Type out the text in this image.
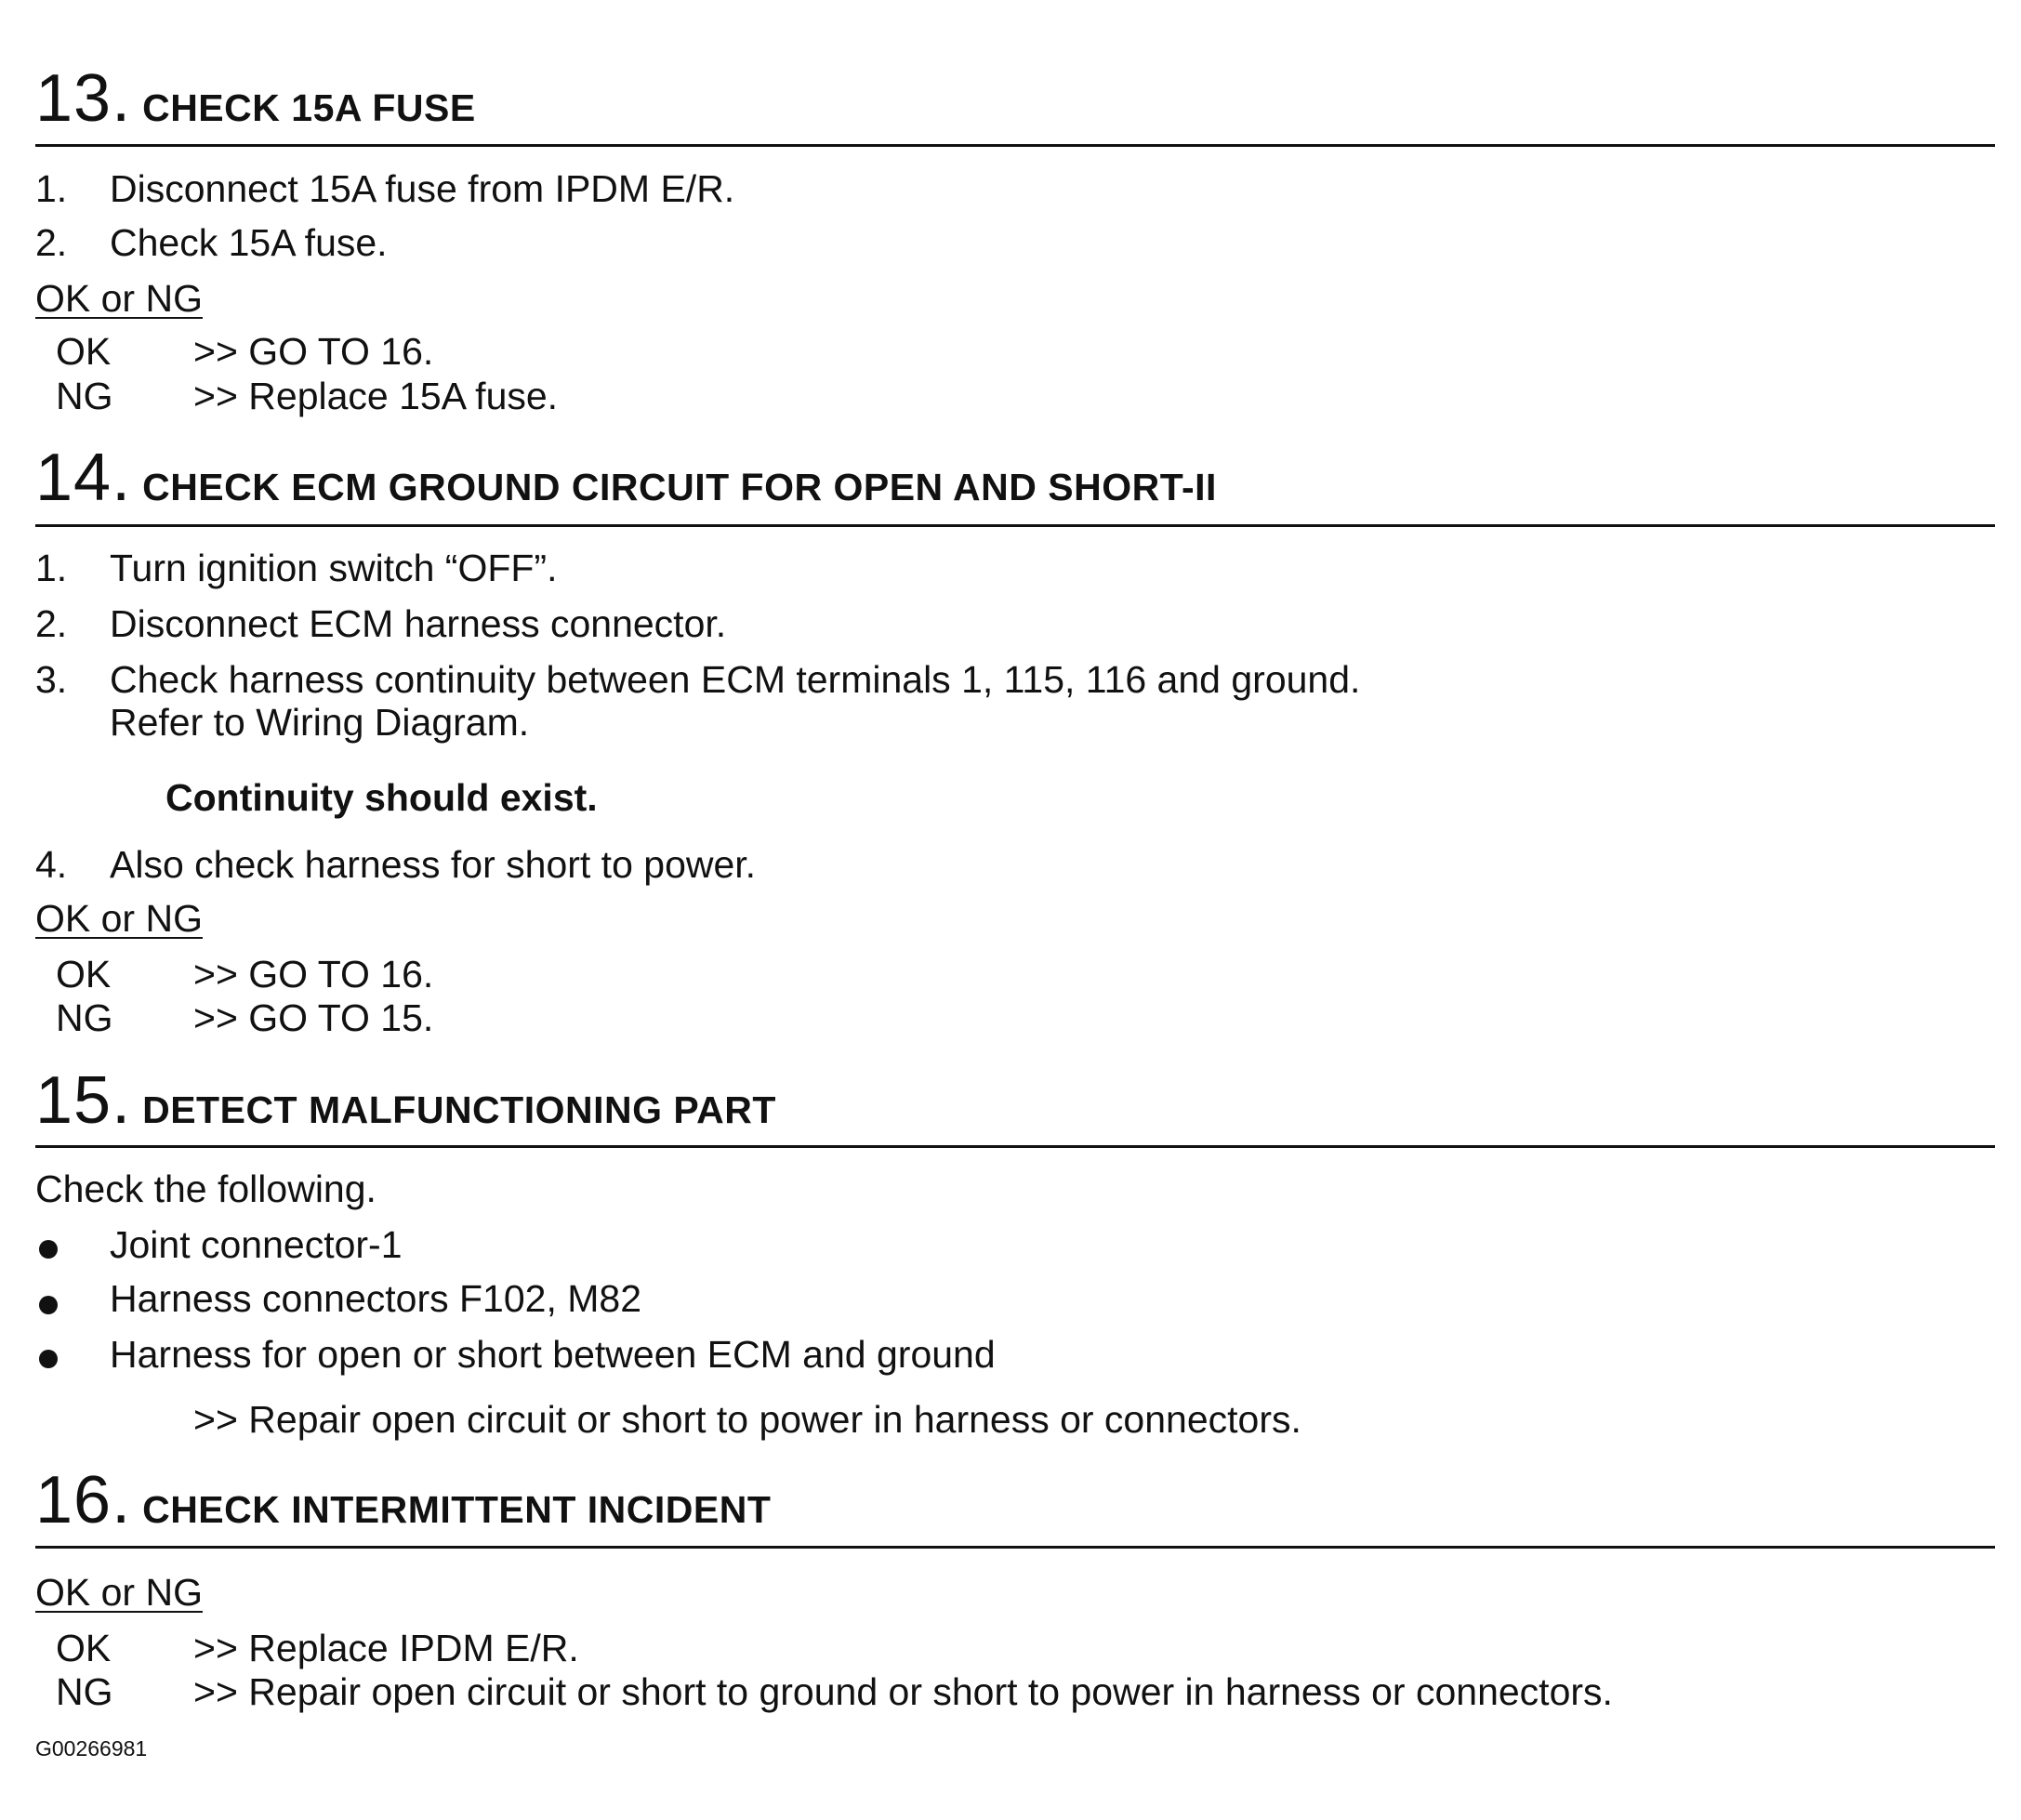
13. CHECK 15A FUSE
1. Disconnect 15A fuse from IPDM E/R.
2. Check 15A fuse.
OK or NG
OK >> GO TO 16.
NG >> Replace 15A fuse.
14. CHECK ECM GROUND CIRCUIT FOR OPEN AND SHORT-II
1. Turn ignition switch “OFF”.
2. Disconnect ECM harness connector.
3. Check harness continuity between ECM terminals 1, 115, 116 and ground.
Refer to Wiring Diagram.
Continuity should exist.
4. Also check harness for short to power.
OK or NG
OK >> GO TO 16.
NG >> GO TO 15.
15. DETECT MALFUNCTIONING PART
Check the following.
Joint connector-1
Harness connectors F102, M82
Harness for open or short between ECM and ground
>> Repair open circuit or short to power in harness or connectors.
16. CHECK INTERMITTENT INCIDENT
OK or NG
OK >> Replace IPDM E/R.
NG >> Repair open circuit or short to ground or short to power in harness or connectors.
G00266981
